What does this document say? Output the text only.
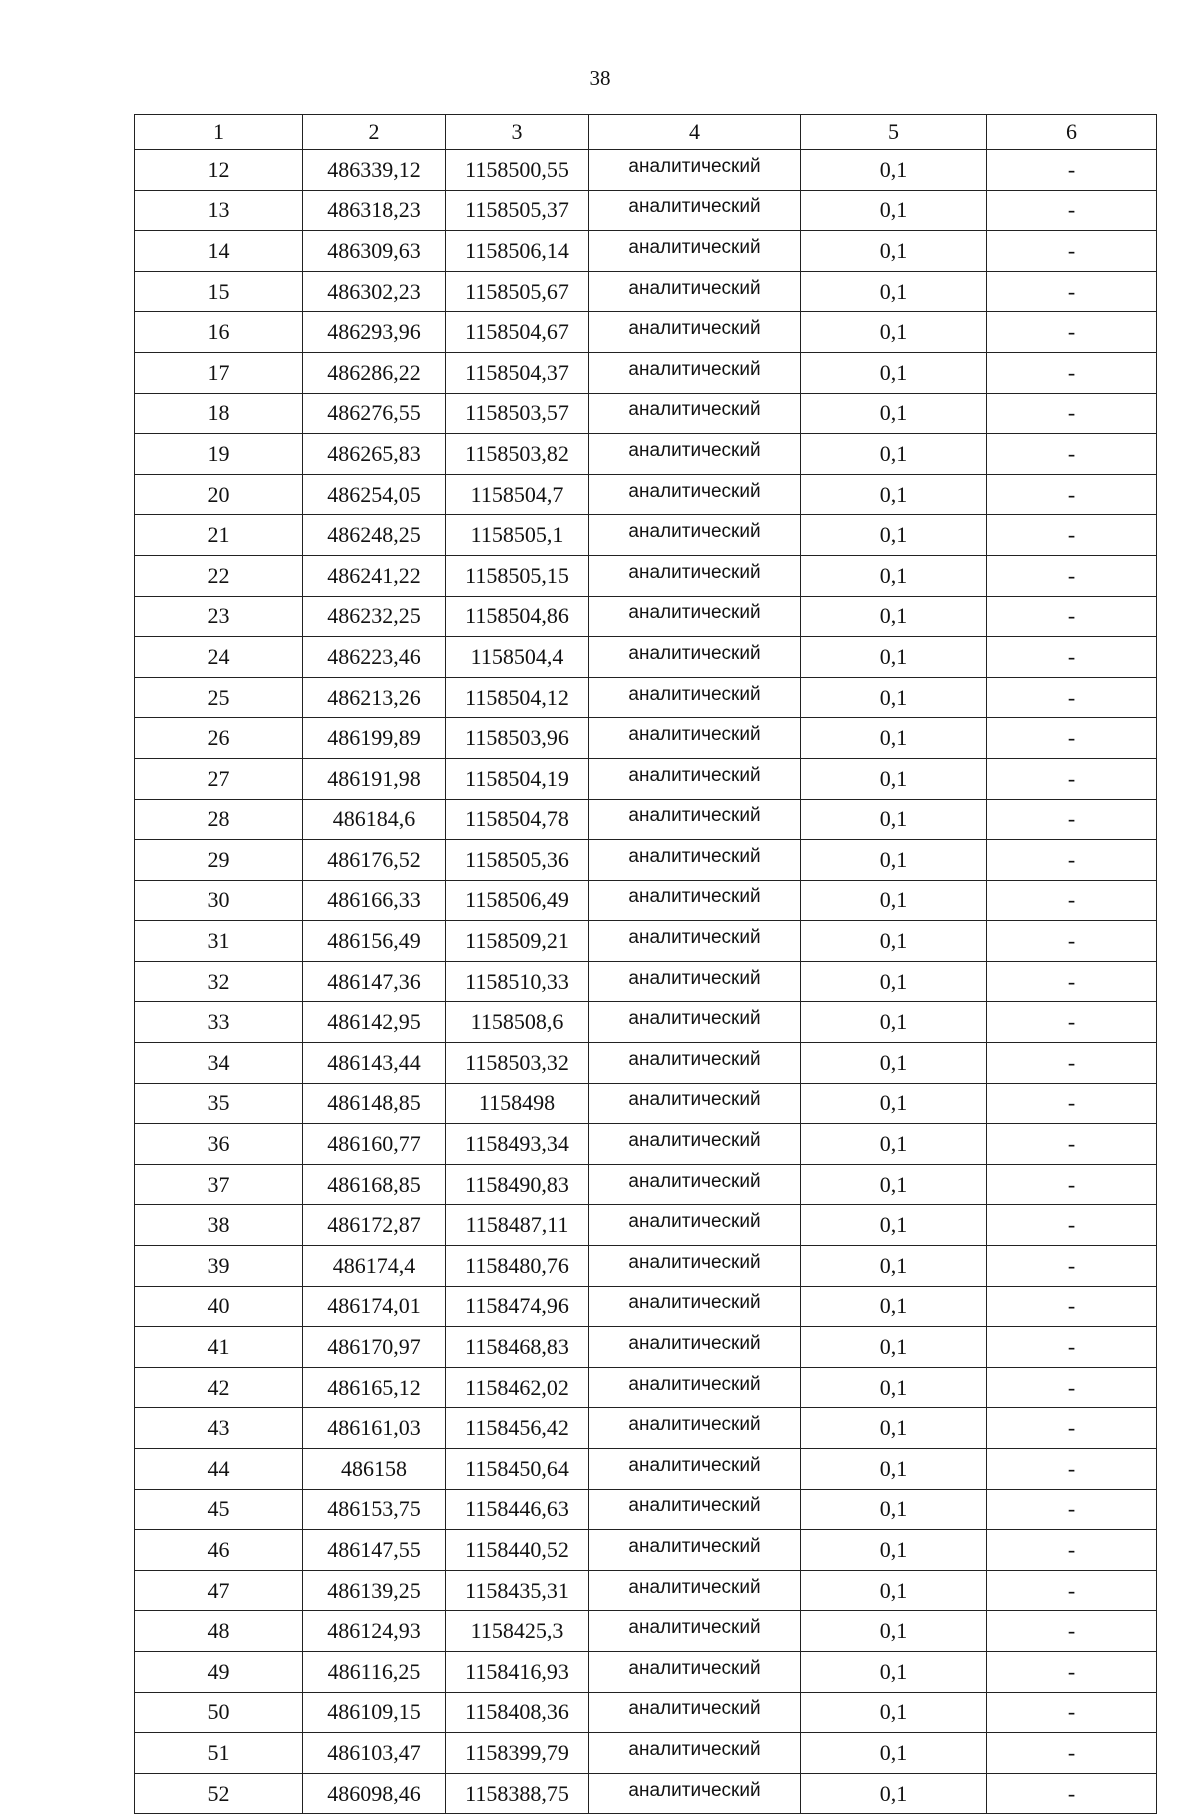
38
1	2	3	4	5	6
12	486339,12	1158500,55	аналитический	0,1	-
13	486318,23	1158505,37	аналитический	0,1	-
14	486309,63	1158506,14	аналитический	0,1	-
15	486302,23	1158505,67	аналитический	0,1	-
16	486293,96	1158504,67	аналитический	0,1	-
17	486286,22	1158504,37	аналитический	0,1	-
18	486276,55	1158503,57	аналитический	0,1	-
19	486265,83	1158503,82	аналитический	0,1	-
20	486254,05	1158504,7	аналитический	0,1	-
21	486248,25	1158505,1	аналитический	0,1	-
22	486241,22	1158505,15	аналитический	0,1	-
23	486232,25	1158504,86	аналитический	0,1	-
24	486223,46	1158504,4	аналитический	0,1	-
25	486213,26	1158504,12	аналитический	0,1	-
26	486199,89	1158503,96	аналитический	0,1	-
27	486191,98	1158504,19	аналитический	0,1	-
28	486184,6	1158504,78	аналитический	0,1	-
29	486176,52	1158505,36	аналитический	0,1	-
30	486166,33	1158506,49	аналитический	0,1	-
31	486156,49	1158509,21	аналитический	0,1	-
32	486147,36	1158510,33	аналитический	0,1	-
33	486142,95	1158508,6	аналитический	0,1	-
34	486143,44	1158503,32	аналитический	0,1	-
35	486148,85	1158498	аналитический	0,1	-
36	486160,77	1158493,34	аналитический	0,1	-
37	486168,85	1158490,83	аналитический	0,1	-
38	486172,87	1158487,11	аналитический	0,1	-
39	486174,4	1158480,76	аналитический	0,1	-
40	486174,01	1158474,96	аналитический	0,1	-
41	486170,97	1158468,83	аналитический	0,1	-
42	486165,12	1158462,02	аналитический	0,1	-
43	486161,03	1158456,42	аналитический	0,1	-
44	486158	1158450,64	аналитический	0,1	-
45	486153,75	1158446,63	аналитический	0,1	-
46	486147,55	1158440,52	аналитический	0,1	-
47	486139,25	1158435,31	аналитический	0,1	-
48	486124,93	1158425,3	аналитический	0,1	-
49	486116,25	1158416,93	аналитический	0,1	-
50	486109,15	1158408,36	аналитический	0,1	-
51	486103,47	1158399,79	аналитический	0,1	-
52	486098,46	1158388,75	аналитический	0,1	-
